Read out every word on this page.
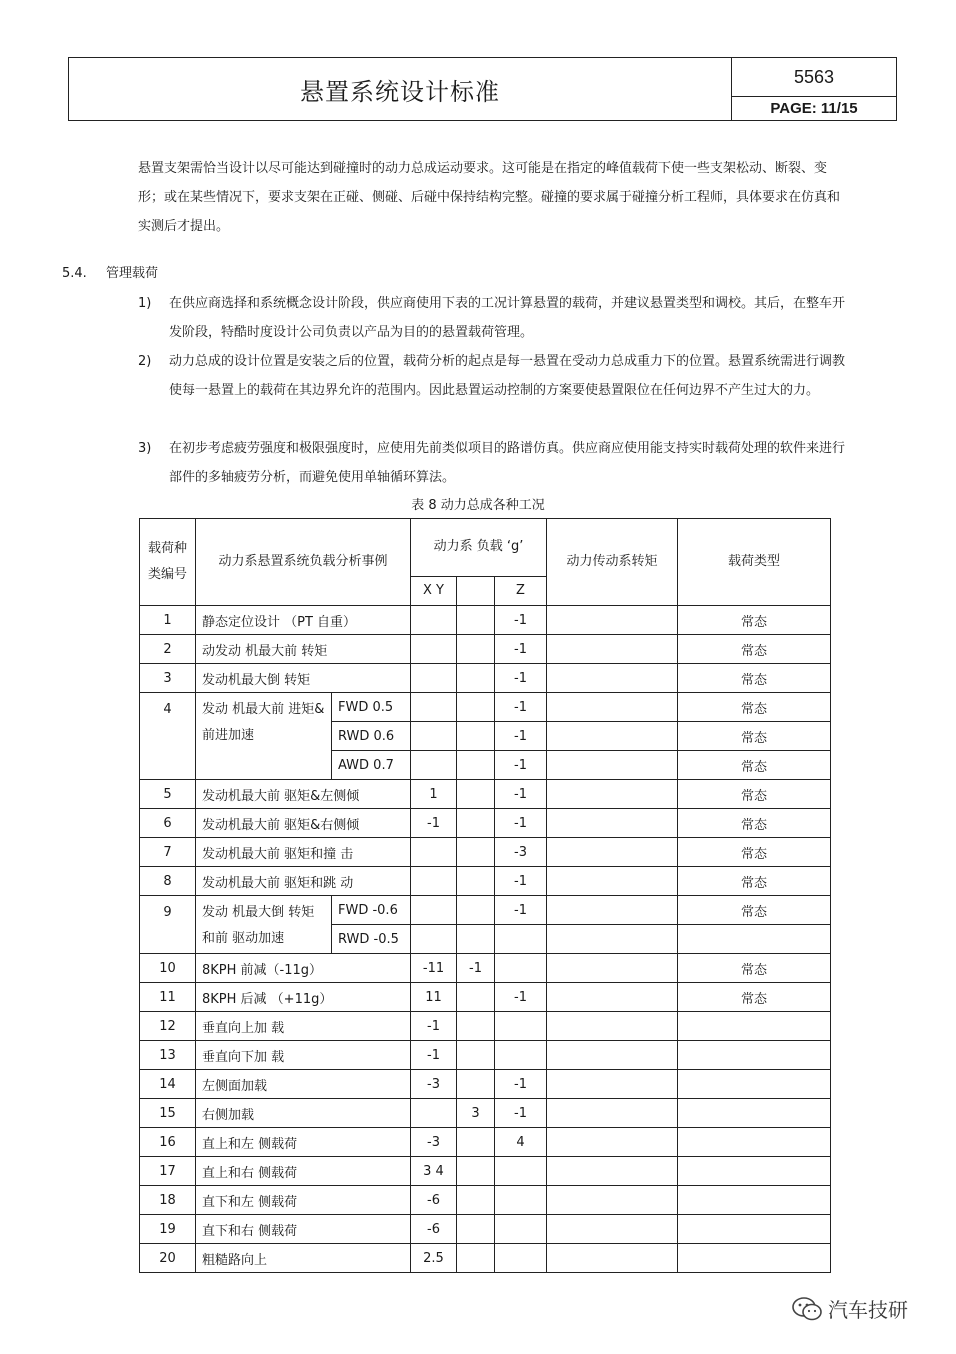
悬置系统设计标准
5563
PAGE: 11/15

悬置支架需恰当设计以尽可能达到碰撞时的动力总成运动要求。这可能是在指定的峰值载荷下使一些支架松动、断裂、变形；或在某些情况下，要求支架在正碰、侧碰、后碰中保持结构完整。碰撞的要求属于碰撞分析工程师，具体要求在仿真和实测后才提出。

5.4. 管理载荷
1)	在供应商选择和系统概念设计阶段，供应商使用下表的工况计算悬置的载荷，并建议悬置类型和调校。其后，在整车开发阶段，特酷时度设计公司负责以产品为目的的悬置载荷管理。

2)	动力总成的设计位置是安装之后的位置，载荷分析的起点是每一悬置在受动力总成重力下的位置。悬置系统需进行调教使每一悬置上的载荷在其边界允许的范围内。因此悬置运动控制的方案要使悬置限位在任何边界不产生过大的力。

3)	在初步考虑疲劳强度和极限强度时，应使用先前类似项目的路谱仿真。供应商应使用能支持实时载荷处理的软件来进行部件的多轴疲劳分析，而避免使用单轴循环算法。

表 8 动力总成各种工况
载荷种类编号	动力系悬置系统负载分析事例		动力系 负载 ‘g’			动力传动系转矩	载荷类型
			X Y		Z		
1	静态定位设计 （PT 自重）				-1		常态
2	动发动 机最大前 转矩				-1		常态
3	发动机最大倒 转矩				-1		常态
4	发动 机最大前 进矩&前进加速	FWD 0.5			-1		常态
		RWD 0.6			-1		常态
		AWD 0.7			-1		常态
5	发动机最大前 驱矩&左侧倾		1		-1		常态
6	发动机最大前 驱矩&右侧倾		-1		-1		常态
7	发动机最大前 驱矩和撞 击				-3		常态
8	发动机最大前 驱矩和跳 动				-1		常态
9	发动 机最大倒 转矩和前 驱动加速	FWD -0.6			-1		常态
		RWD -0.5					
10	8KPH 前减（-11g）		-11	-1			常态
11	8KPH 后减 （+11g）		11		-1		常态
12	垂直向上加 载		-1				
13	垂直向下加 载		-1				
14	左侧面加载		-3		-1		
15	右侧加载			3	-1		
16	直上和左 侧载荷		-3		4		
17	直上和右 侧载荷		3 4				
18	直下和左 侧载荷		-6				
19	直下和右 侧载荷		-6				
20	粗糙路向上		2.5				
汽车技研
